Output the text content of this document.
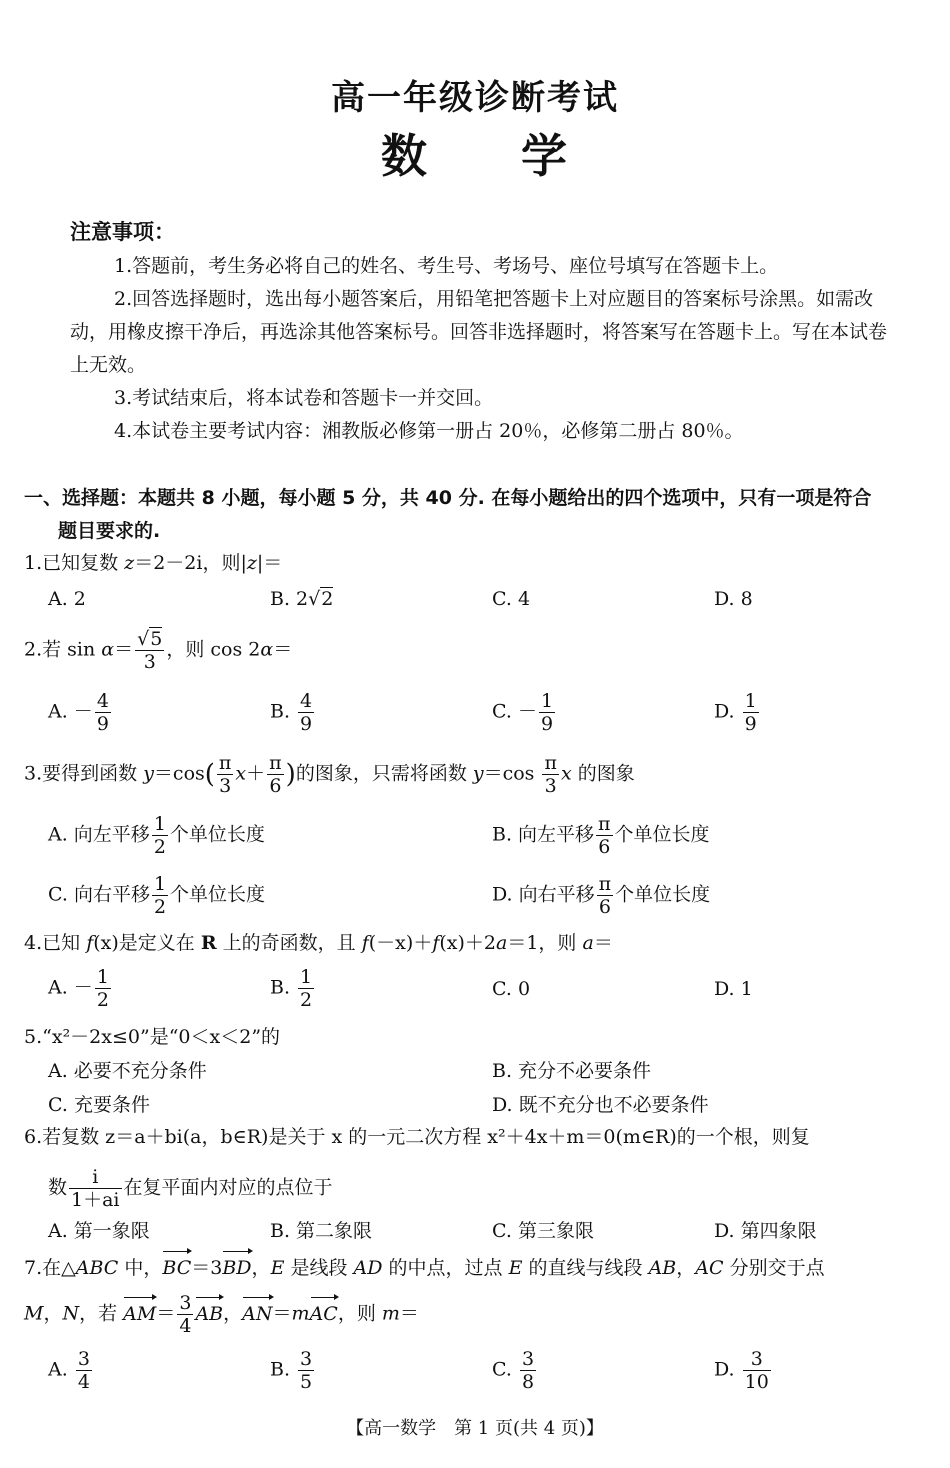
高一年级诊断考试
数 学
注意事项：
1.答题前，考生务必将自己的姓名、考生号、考场号、座位号填写在答题卡上。
2.回答选择题时，选出每小题答案后，用铅笔把答题卡上对应题目的答案标号涂黑。如需改动，用橡皮擦干净后，再选涂其他答案标号。回答非选择题时，将答案写在答题卡上。写在本试卷上无效。
3.考试结束后，将本试卷和答题卡一并交回。
4.本试卷主要考试内容：湘教版必修第一册占 20％，必修第二册占 80％。
一、选择题：本题共 8 小题，每小题 5 分，共 40 分. 在每小题给出的四个选项中，只有一项是符合
题目要求的.
1.已知复数 z＝2－2i，则|z|＝
A. 2	B. 2√2	C. 4	D. 8
2.若 $\sin \alpha= \frac{√5}{3}$ ，则 cos 2α＝
A. － $\frac{4}{9}$	B. $\frac{4}{9}$	C. － $\frac{1}{9}$	D. $\frac{1}{9}$
3.要得到函数 $y=\cos( \frac{\pi}{3} x+ \frac{\pi}{6}$ )的图象，只需将函数 $y=\cos \frac{\pi}{3}$ x 的图象
A. 向左平移 $\frac{1}{2}$ 个单位长度	B. 向左平移 $\frac{\pi}{6}$ 个单位长度
C. 向右平移 $\frac{1}{2}$ 个单位长度	D. 向右平移 $\frac{\pi}{6}$ 个单位长度
4.已知 f(x)是定义在 R 上的奇函数，且 f(－x)＋f(x)＋2a＝1，则 a＝
A. － $\frac{1}{2}$	B. $\frac{1}{2}$	C. 0	D. 1
5.“x²－2x≤0”是“0＜x＜2”的
A. 必要不充分条件	B. 充分不必要条件
C. 充要条件	D. 既不充分也不必要条件
6.若复数 z＝a＋bi(a，b∈R)是关于 x 的一元二次方程 x²＋4x＋m＝0(m∈R)的一个根，则复
数 $\frac{i}{1+ai}$ 在复平面内对应的点位于
A. 第一象限	B. 第二象限	C. 第三象限	D. 第四象限
7.在△ABC 中，BC＝3BD，E 是线段 AD 的中点，过点 E 的直线与线段 AB，AC 分别交于点
M，N，若 $AM= \frac{3}{4}$ AB，AN＝mAC，则 m＝
A. $\frac{3}{4}$	B. $\frac{3}{5}$	C. $\frac{3}{8}$	D. $\frac{3}{10}$
【高一数学　第 1 页(共 4 页)】
